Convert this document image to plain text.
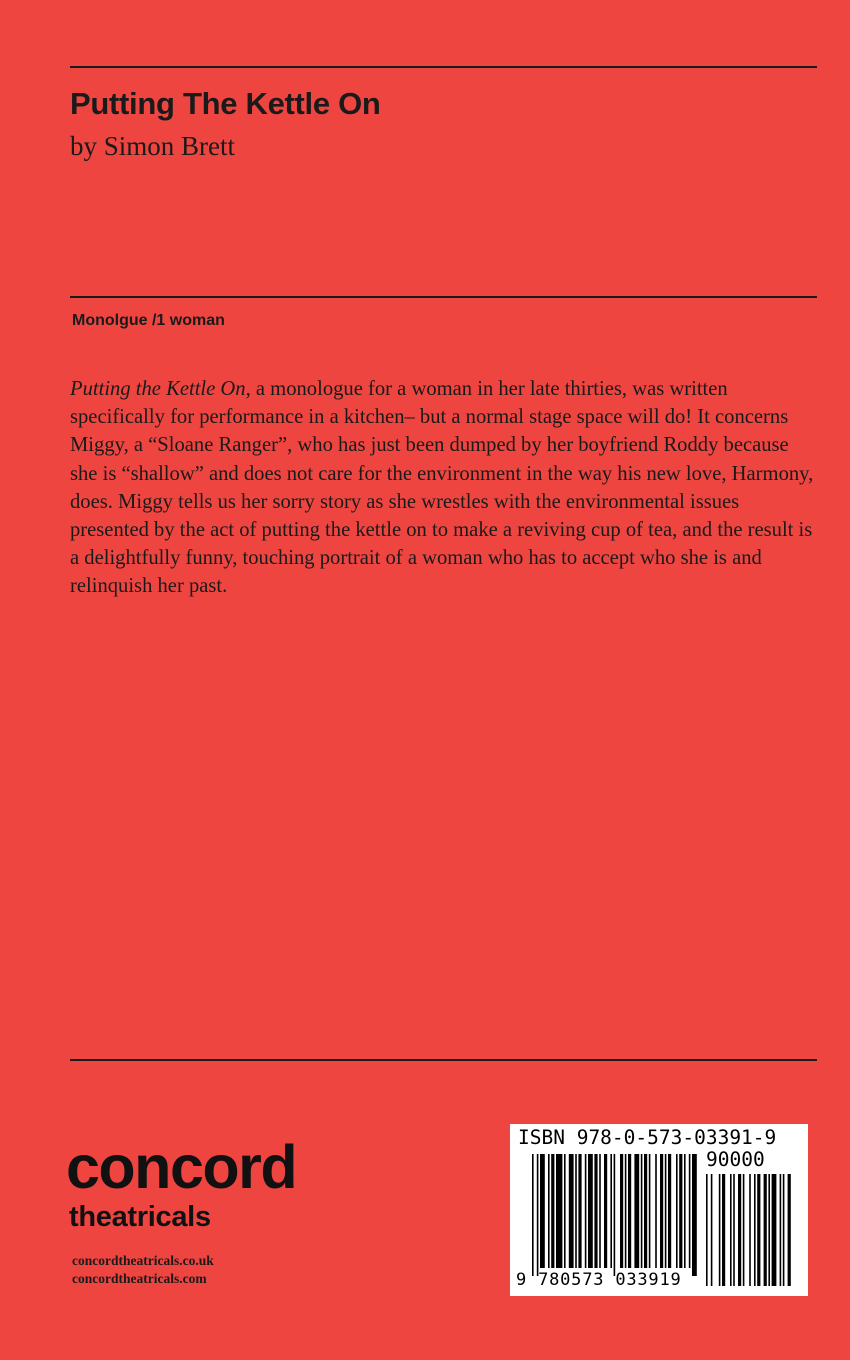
Putting The Kettle On
by Simon Brett
Monolgue /1 woman

Putting the Kettle On, a monologue for a woman in her late thirties, was written specifically for performance in a kitchen– but a normal stage space will do! It concerns Miggy, a “Sloane Ranger”, who has just been dumped by her boyfriend Roddy because she is “shallow” and does not care for the environment in the way his new love, Harmony, does. Miggy tells us her sorry story as she wrestles with the environmental issues presented by the act of putting the kettle on to make a reviving cup of tea, and the result is a delightfully funny, touching portrait of a woman who has to accept who she is and relinquish her past.

concord
theatricals
concordtheatricals.co.uk
concordtheatricals.com
ISBN 978-0-573-03391-9
90000
9 780573 033919
